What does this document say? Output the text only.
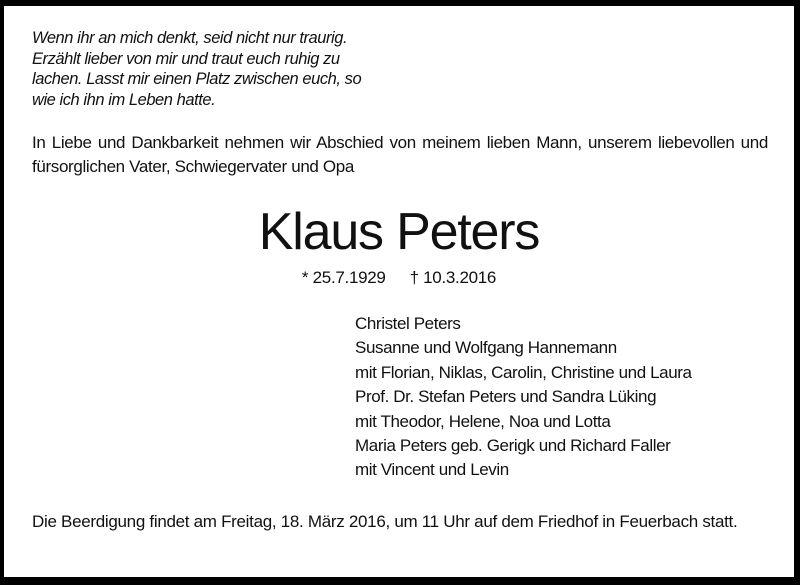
Wenn ihr an mich denkt, seid nicht nur traurig.
Erzählt lieber von mir und traut euch ruhig zu
lachen. Lasst mir einen Platz zwischen euch, so
wie ich ihn im Leben hatte.

In Liebe und Dankbarkeit nehmen wir Abschied von meinem lieben Mann, unserem liebevollen und fürsorglichen Vater, Schwiegervater und Opa

Klaus Peters
* 25.7.1929 † 10.3.2016
Christel Peters
Susanne und Wolfgang Hannemann
mit Florian, Niklas, Carolin, Christine und Laura
Prof. Dr. Stefan Peters und Sandra Lüking
mit Theodor, Helene, Noa und Lotta
Maria Peters geb. Gerigk und Richard Faller
mit Vincent und Levin

Die Beerdigung findet am Freitag, 18. März 2016, um 11 Uhr auf dem Friedhof in Feuerbach statt.
